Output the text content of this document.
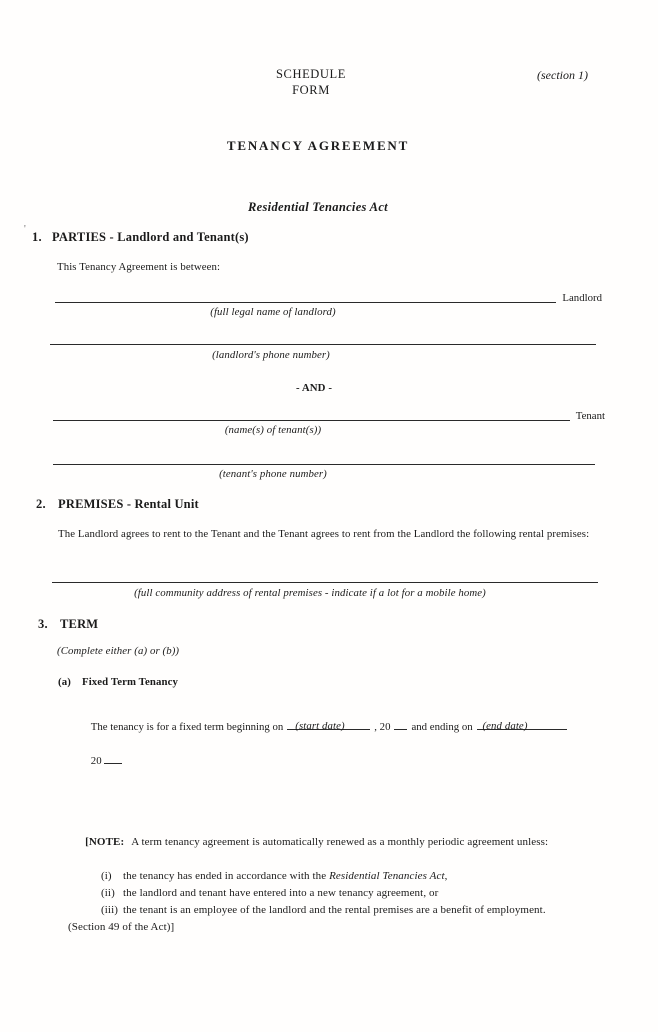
SCHEDULE
FORM
(section 1)
TENANCY AGREEMENT
Residential Tenancies Act
'
1. PARTIES - Landlord and Tenant(s)
This Tenancy Agreement is between:
Landlord
(full legal name of landlord)
(landlord's phone number)
- AND -
Tenant
(name(s) of tenant(s))
(tenant's phone number)
2. PREMISES - Rental Unit
The Landlord agrees to rent to the Tenant and the Tenant agrees to rent from the Landlord the following rental premises:
(full community address of rental premises - indicate if a lot for a mobile home)
3. TERM
(Complete either (a) or (b))
(a) Fixed Term Tenancy

The tenancy is for a fixed term beginning on	, 20 and ending on

(start date)	(end date)

20

[NOTE: A term tenancy agreement is automatically renewed as a monthly periodic agreement unless:

(i)	the tenancy has ended in accordance with the Residential Tenancies Act,
(ii) the landlord and tenant have entered into a new tenancy agreement, or
(iii) the tenant is an employee of the landlord and the rental premises are a benefit of employment.
(Section 49 of the Act)]
